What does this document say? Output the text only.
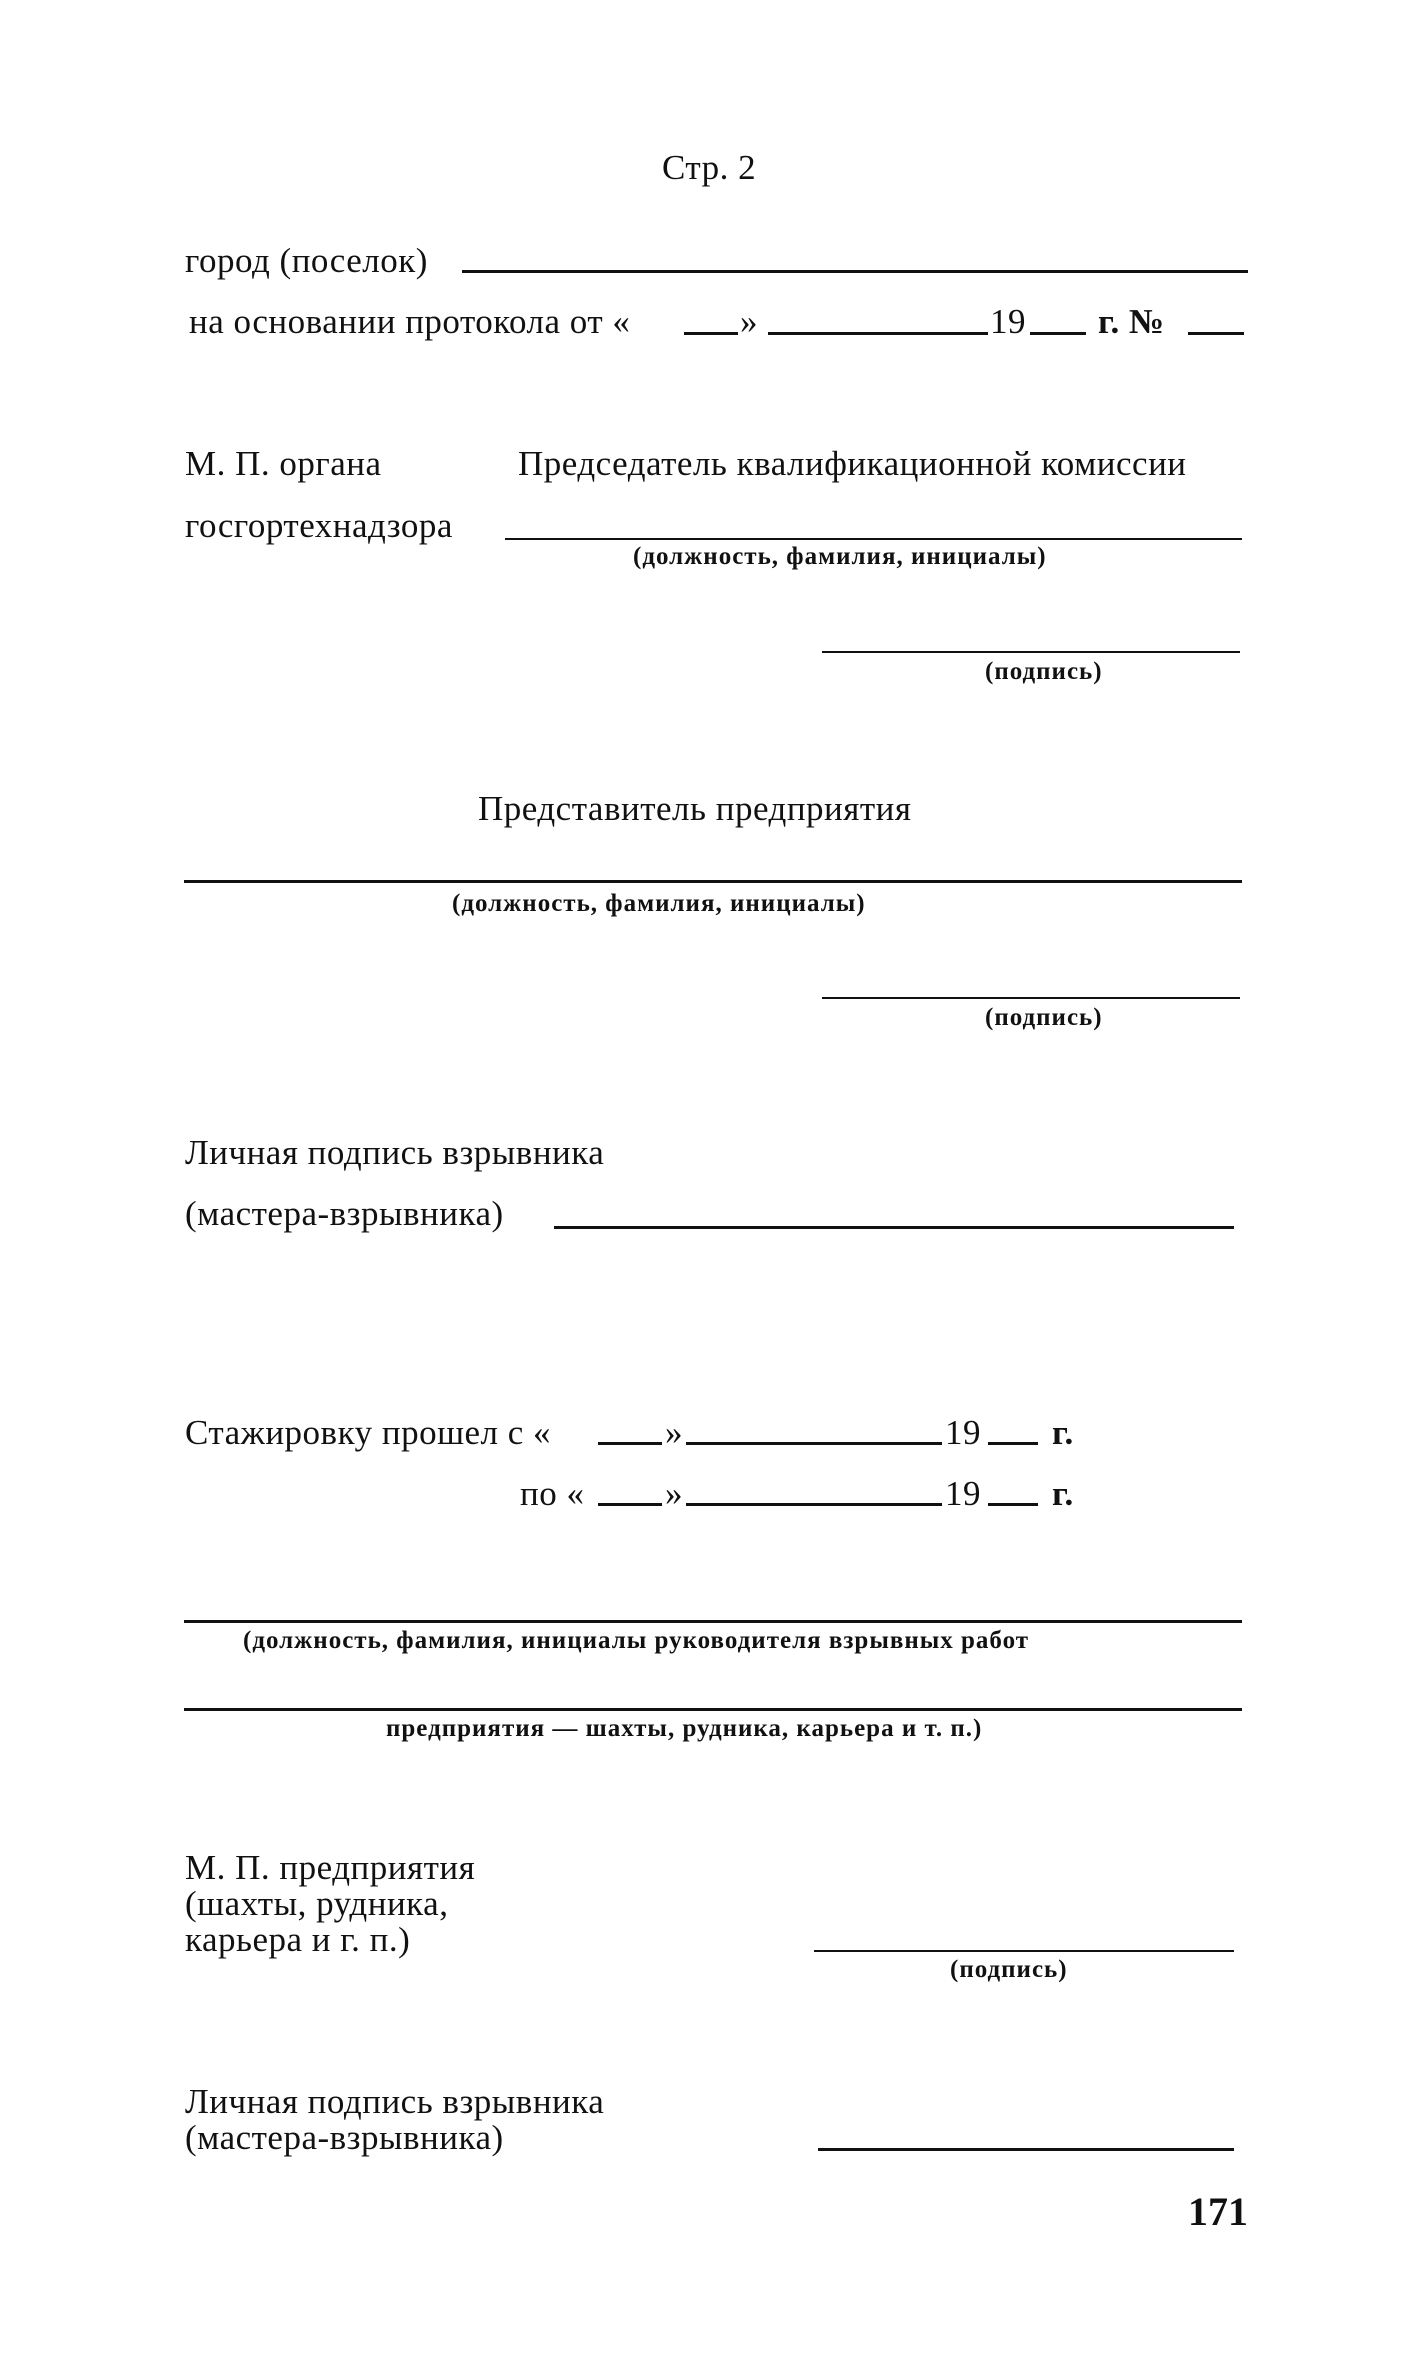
Стр. 2
город (поселок)
на основании протокола от «	»	19 г. №
М. П. органа	Председатель квалификационной комиссии
госгортехнадзора
(должность, фамилия, инициалы)
(подпись)
Представитель предприятия
(должность, фамилия, инициалы)
(подпись)
Личная подпись взрывника
(мастера-взрывника)
Стажировку прошел с «	»	19 г.
по « »	19 г.
(должность, фамилия, инициалы руководителя взрывных работ
предприятия — шахты, рудника, карьера и т. п.)
М. П. предприятия
(шахты, рудника,
карьера и г. п.)
(подпись)
Личная подпись взрывника
(мастера-взрывника)
171
